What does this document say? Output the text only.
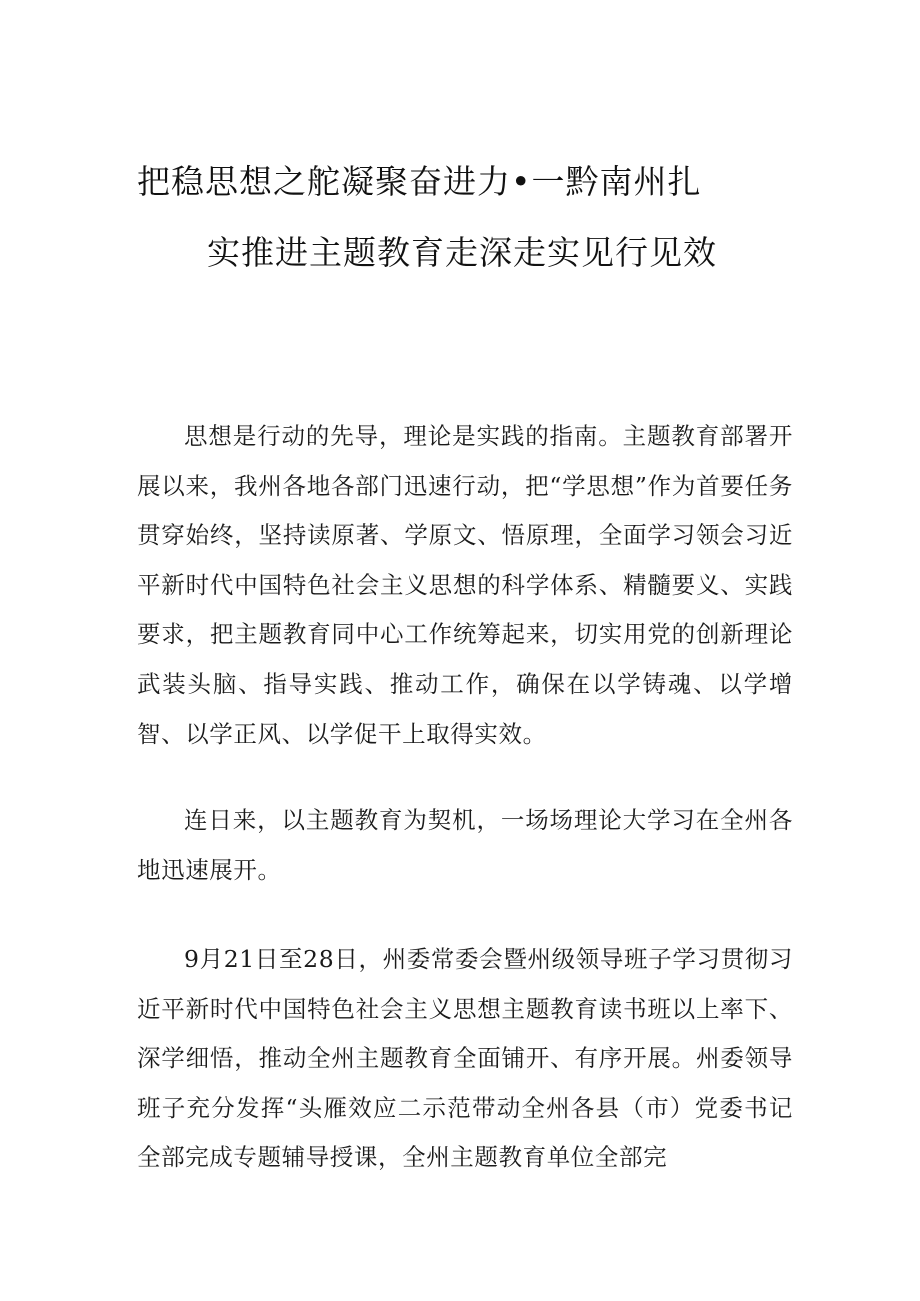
把稳思想之舵凝聚奋进力•一黔南州扎
实推进主题教育走深走实见行见效

思想是行动的先导，理论是实践的指南。主题教育部署开展以来，我州各地各部门迅速行动，把“学思想”作为首要任务贯穿始终，坚持读原著、学原文、悟原理，全面学习领会习近平新时代中国特色社会主义思想的科学体系、精髓要义、实践要求，把主题教育同中心工作统筹起来，切实用党的创新理论武装头脑、指导实践、推动工作，确保在以学铸魂、以学增智、以学正风、以学促干上取得实效。

连日来，以主题教育为契机，一场场理论大学习在全州各地迅速展开。

9月21日至28日，州委常委会暨州级领导班子学习贯彻习近平新时代中国特色社会主义思想主题教育读书班以上率下、深学细悟，推动全州主题教育全面铺开、有序开展。州委领导班子充分发挥“头雁效应二示范带动全州各县（市）党委书记全部完成专题辅导授课，全州主题教育单位全部完
